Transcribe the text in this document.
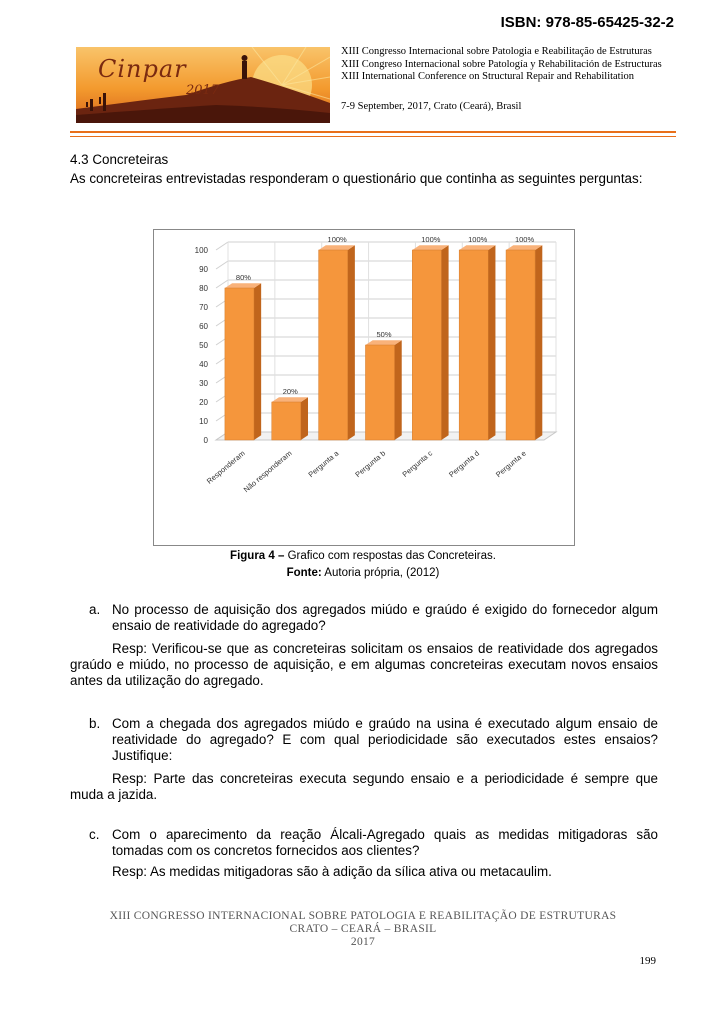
ISBN: 978-85-65425-32-2
Cinpar
2017
XIII Congresso Internacional sobre Patologia e Reabilitação de Estruturas
XIII Congreso Internacional sobre Patología y Rehabilitación de Estructuras
XIII International Conference on Structural Repair and Rehabilitation
7-9 September, 2017, Crato (Ceará), Brasil
4.3 Concreteiras
As concreteiras entrevistadas responderam o questionário que continha as seguintes perguntas:
0
10
20
30
40
50
60
70
80
90
100
80%
Responderam
20%
Não responderam
100%
Pergunta a
50%
Pergunta b
100%
Pergunta c
100%
Pergunta d
100%
Pergunta e
Figura 4 – Grafico com respostas das Concreteiras.
Fonte: Autoria própria, (2012)
a. No processo de aquisição dos agregados miúdo e graúdo é exigido do fornecedor algum ensaio de reatividade do agregado?
Resp: Verificou-se que as concreteiras solicitam os ensaios de reatividade dos agregados graúdo e miúdo, no processo de aquisição, e em algumas concreteiras executam novos ensaios antes da utilização do agregado.
b. Com a chegada dos agregados miúdo e graúdo na usina é executado algum ensaio de reatividade do agregado? E com qual periodicidade são executados estes ensaios? Justifique:
Resp: Parte das concreteiras executa segundo ensaio e a periodicidade é sempre que muda a jazida.
c. Com o aparecimento da reação Álcali-Agregado quais as medidas mitigadoras são tomadas com os concretos fornecidos aos clientes?
Resp: As medidas mitigadoras são à adição da sílica ativa ou metacaulim.
XIII CONGRESSO INTERNACIONAL SOBRE PATOLOGIA E REABILITAÇÃO DE ESTRUTURAS
CRATO – CEARÁ – BRASIL
2017
199
